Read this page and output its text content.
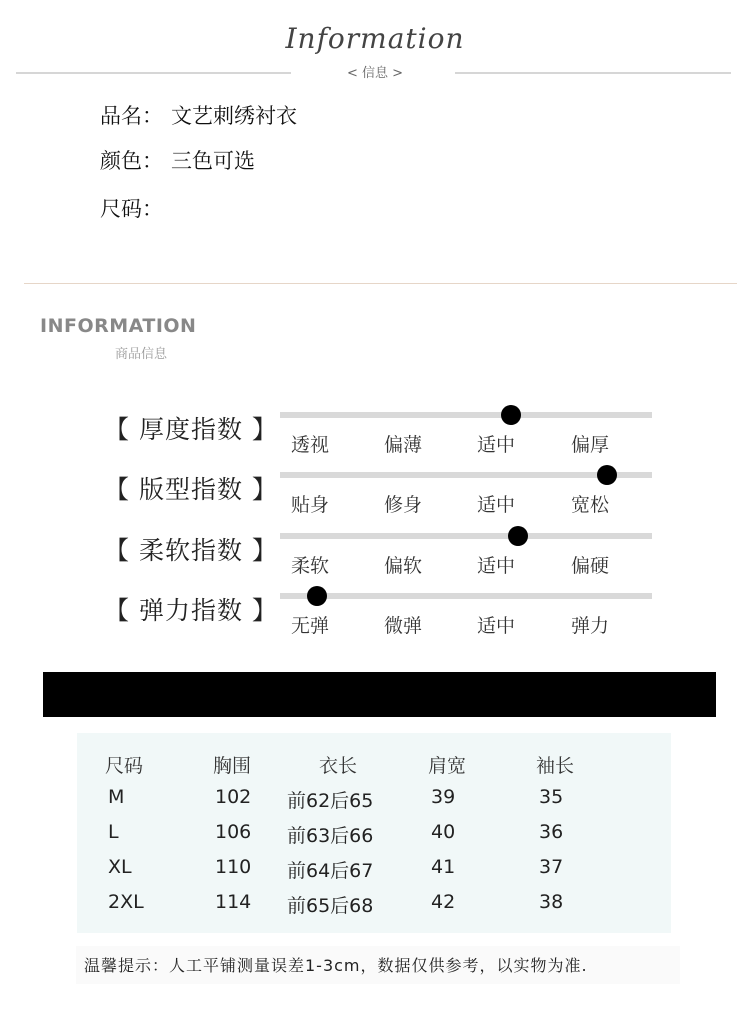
Information
< 信息 >
品名： 文艺刺绣衬衣
颜色： 三色可选
尺码：
INFORMATION
商品信息
【 厚度指数 】
透视	偏薄	适中	偏厚
【 版型指数 】
贴身	修身	适中	宽松
【 柔软指数 】
柔软	偏软	适中	偏硬
【 弹力指数 】
无弹	微弹	适中	弹力
尺码	胸围	衣长	肩宽	袖长
M	102 前62后65	39	35
L	106 前63后66	40	36
XL	110 前64后67	41	37
2XL	114 前65后68	42	38
温馨提示：人工平铺测量误差1-3cm，数据仅供参考，以实物为准.
